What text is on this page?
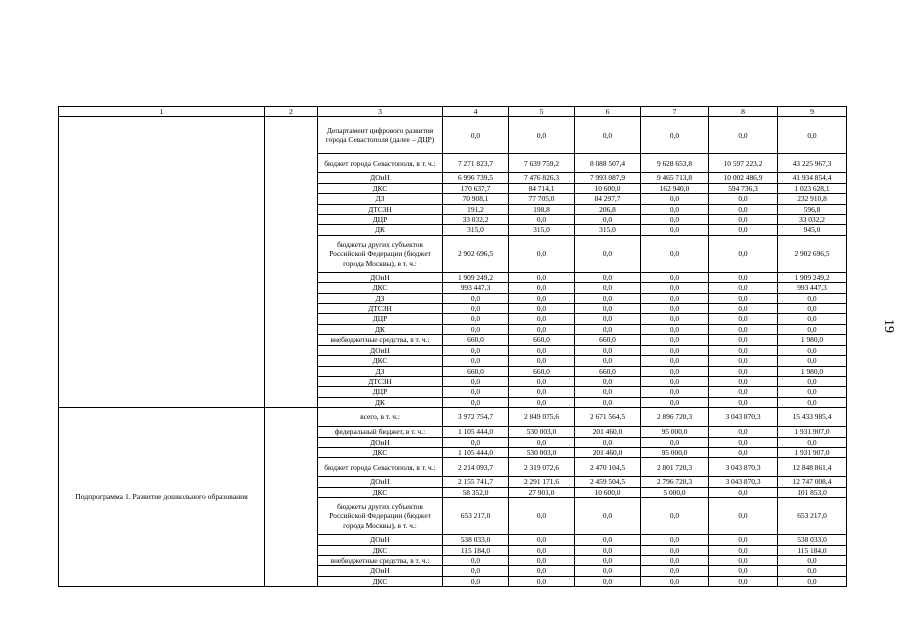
1	2	3	4	5	6	7	8	9
		Департамент цифрового развития города Севастополя (далее – ДЦР)	0,0	0,0	0,0	0,0	0,0	0,0
		бюджет города Севастополя, в т. ч.:	7 271 823,7	7 639 759,2	8 088 507,4	9 628 653,8	10 597 223,2	43 225 967,3
		ДОиН	6 996 739,5	7 476 826,3	7 993 087,9	9 465 713,8	10 002 486,9	41 934 854,4
		ДКС	170 637,7	84 714,1	10 600,0	162 940,0	594 736,3	1 023 628,1
		ДЗ	70 908,1	77 705,0	84 297,7	0,0	0,0	232 910,8
		ДТСЗН	191,2	198,8	206,8	0,0	0,0	596,8
		ДЦР	33 032,2	0,0	0,0	0,0	0,0	33 032,2
		ДК	315,0	315,0	315,0	0,0	0,0	945,0
		бюджеты других субъектов Российской Федерации (бюджет города Москвы), в т. ч.:	2 902 696,5	0,0	0,0	0,0	0,0	2 902 696,5
		ДОиН	1 909 249,2	0,0	0,0	0,0	0,0	1 909 249,2
		ДКС	993 447,3	0,0	0,0	0,0	0,0	993 447,3
		ДЗ	0,0	0,0	0,0	0,0	0,0	0,0
		ДТСЗН	0,0	0,0	0,0	0,0	0,0	0,0
		ДЦР	0,0	0,0	0,0	0,0	0,0	0,0
		ДК	0,0	0,0	0,0	0,0	0,0	0,0
		внебюджетные средства, в т. ч.:	660,0	660,0	660,0	0,0	0,0	1 980,0
		ДОиН	0,0	0,0	0,0	0,0	0,0	0,0
		ДКС	0,0	0,0	0,0	0,0	0,0	0,0
		ДЗ	660,0	660,0	660,0	0,0	0,0	1 980,0
		ДТСЗН	0,0	0,0	0,0	0,0	0,0	0,0
		ДЦР	0,0	0,0	0,0	0,0	0,0	0,0
		ДК	0,0	0,0	0,0	0,0	0,0	0,0
Подпрограмма 1. Развитие дошкольного образования		всего, в т. ч.:	3 972 754,7	2 849 075,6	2 671 564,5	2 896 720,3	3 043 870,3	15 433 985,4
		федеральный бюджет, в т. ч.:	1 105 444,0	530 003,0	201 460,0	95 000,0	0,0	1 931 907,0
		ДОиН	0,0	0,0	0,0	0,0	0,0	0,0
		ДКС	1 105 444,0	530 003,0	201 460,0	95 000,0	0,0	1 931 907,0
		бюджет города Севастополя, в т. ч.:	2 214 093,7	2 319 072,6	2 470 104,5	2 801 720,3	3 043 870,3	12 848 861,4
		ДОиН	2 155 741,7	2 291 171,6	2 459 504,5	2 796 720,3	3 043 870,3	12 747 008,4
		ДКС	58 352,0	27 901,0	10 600,0	5 000,0	0,0	101 853,0
		бюджеты других субъектов Российской Федерации (бюджет города Москвы), в т. ч.:	653 217,0	0,0	0,0	0,0	0,0	653 217,0
		ДОиН	538 033,0	0,0	0,0	0,0	0,0	538 033,0
		ДКС	115 184,0	0,0	0,0	0,0	0,0	115 184,0
		внебюджетные средства, в т. ч.:	0,0	0,0	0,0	0,0	0,0	0,0
		ДОиН	0,0	0,0	0,0	0,0	0,0	0,0
		ДКС	0,0	0,0	0,0	0,0	0,0	0,0
19
